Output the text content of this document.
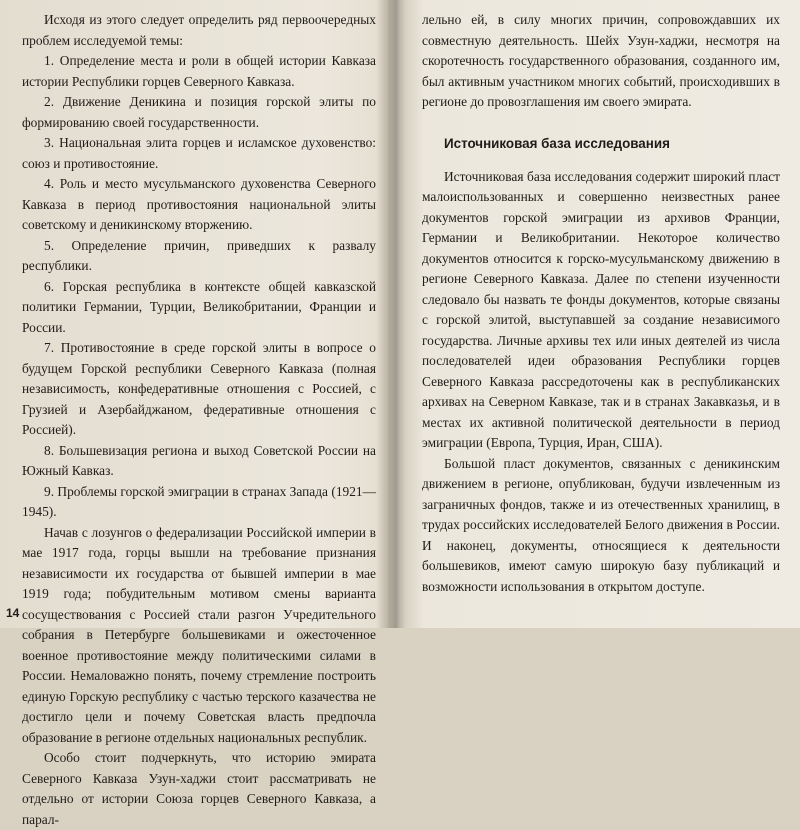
Исходя из этого следует определить ряд первоочередных проблем исследуемой темы:

1. Определение места и роли в общей истории Кавказа истории Республики горцев Северного Кавказа.

2. Движение Деникина и позиция горской элиты по формированию своей государственности.

3. Национальная элита горцев и исламское духовенство: союз и противостояние.

4. Роль и место мусульманского духовенства Северного Кавказа в период противостояния национальной элиты советскому и деникинскому вторжению.

5. Определение причин, приведших к развалу республики.

6. Горская республика в контексте общей кавказской политики Германии, Турции, Великобритании, Франции и России.

7. Противостояние в среде горской элиты в вопросе о будущем Горской республики Северного Кавказа (полная независимость, конфедеративные отношения с Россией, с Грузией и Азербайджаном, федеративные отношения с Россией).

8. Большевизация региона и выход Советской России на Южный Кавказ.

9. Проблемы горской эмиграции в странах Запада (1921—1945).

Начав с лозунгов о федерализации Российской империи в мае 1917 года, горцы вышли на требование признания независимости их государства от бывшей империи в мае 1919 года; побудительным мотивом смены варианта сосуществования с Россией стали разгон Учредительного собрания в Петербурге большевиками и ожесточенное военное противостояние между политическими силами в России. Немаловажно понять, почему стремление построить единую Горскую республику с частью терского казачества не достигло цели и почему Советская власть предпочла образование в регионе отдельных национальных республик.

Особо стоит подчеркнуть, что историю эмирата Северного Кавказа Узун-хаджи стоит рассматривать не отдельно от истории Союза горцев Северного Кавказа, а парал-

14

лельно ей, в силу многих причин, сопровождавших их совместную деятельность. Шейх Узун-хаджи, несмотря на скоротечность государственного образования, созданного им, был активным участником многих событий, происходивших в регионе до провозглашения им своего эмирата.

Источниковая база исследования

Источниковая база исследования содержит широкий пласт малоиспользованных и совершенно неизвестных ранее документов горской эмиграции из архивов Франции, Германии и Великобритании. Некоторое количество документов относится к горско-мусульманскому движению в регионе Северного Кавказа. Далее по степени изученности следовало бы назвать те фонды документов, которые связаны с горской элитой, выступавшей за создание независимого государства. Личные архивы тех или иных деятелей из числа последователей идеи образования Республики горцев Северного Кавказа рассредоточены как в республиканских архивах на Северном Кавказе, так и в странах Закавказья, и в местах их активной политической деятельности в период эмиграции (Европа, Турция, Иран, США).

Большой пласт документов, связанных с деникинским движением в регионе, опубликован, будучи извлеченным из заграничных фондов, также и из отечественных хранилищ, в трудах российских исследователей Белого движения в России. И наконец, документы, относящиеся к деятельности большевиков, имеют самую широкую базу публикаций и возможности использования в открытом доступе.
